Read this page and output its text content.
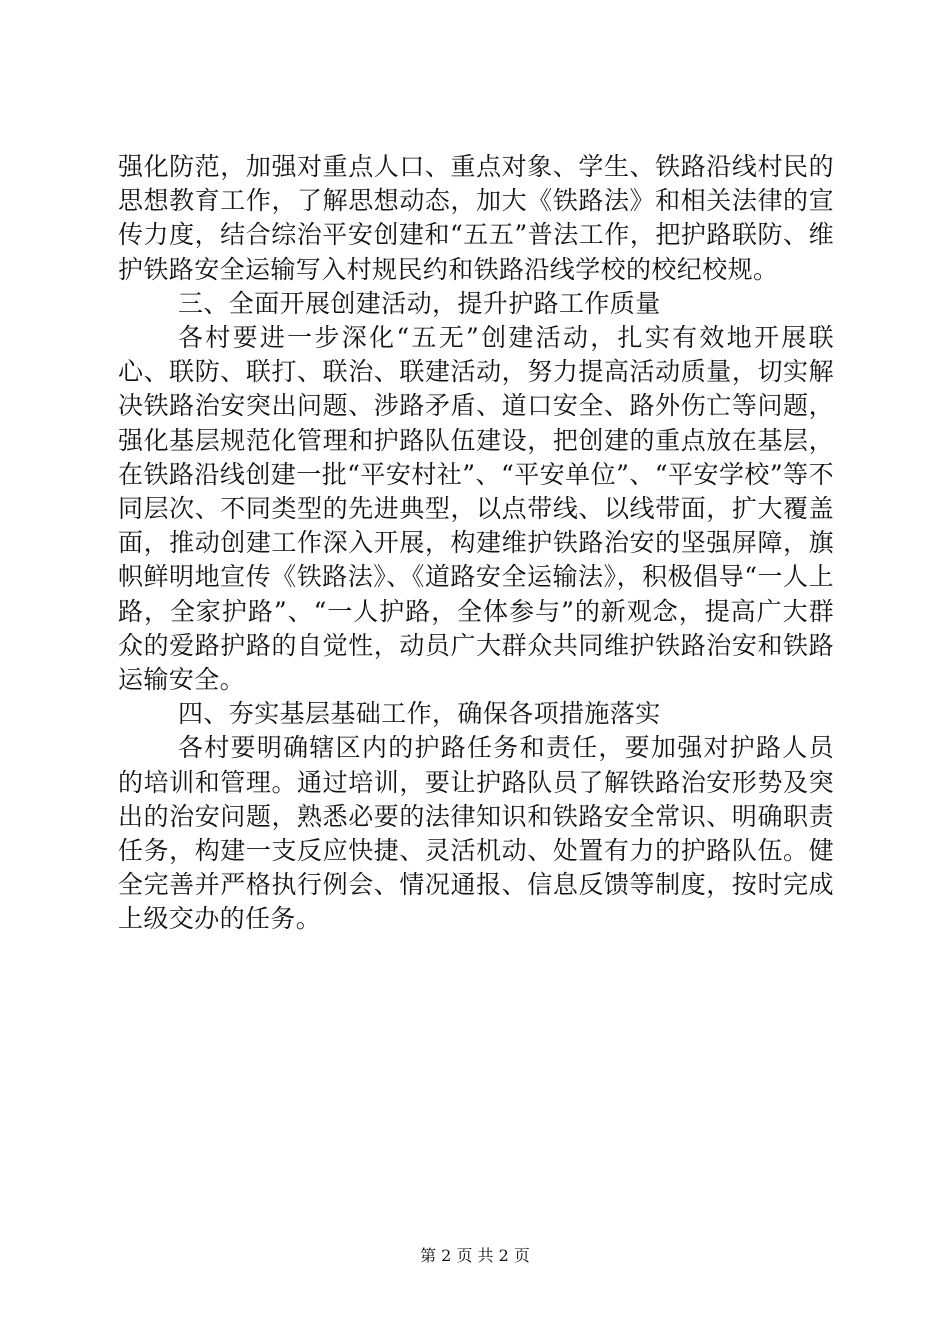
强化防范，加强对重点人口、重点对象、学生、铁路沿线村民的思想教育工作，了解思想动态，加大《铁路法》和相关法律的宣传力度，结合综治平安创建和“五五”普法工作，把护路联防、维护铁路安全运输写入村规民约和铁路沿线学校的校纪校规。

三、全面开展创建活动，提升护路工作质量

各村要进一步深化“五无”创建活动，扎实有效地开展联心、联防、联打、联治、联建活动，努力提高活动质量，切实解决铁路治安突出问题、涉路矛盾、道口安全、路外伤亡等问题，强化基层规范化管理和护路队伍建设，把创建的重点放在基层，在铁路沿线创建一批“平安村社”、“平安单位”、“平安学校”等不同层次、不同类型的先进典型，以点带线、以线带面，扩大覆盖面，推动创建工作深入开展，构建维护铁路治安的坚强屏障，旗帜鲜明地宣传《铁路法》、《道路安全运输法》，积极倡导“一人上路，全家护路”、“一人护路，全体参与”的新观念，提高广大群众的爱路护路的自觉性，动员广大群众共同维护铁路治安和铁路运输安全。

四、夯实基层基础工作，确保各项措施落实

各村要明确辖区内的护路任务和责任，要加强对护路人员的培训和管理。通过培训，要让护路队员了解铁路治安形势及突出的治安问题，熟悉必要的法律知识和铁路安全常识、明确职责任务，构建一支反应快捷、灵活机动、处置有力的护路队伍。健全完善并严格执行例会、情况通报、信息反馈等制度，按时完成上级交办的任务。

第 2 页 共 2 页
